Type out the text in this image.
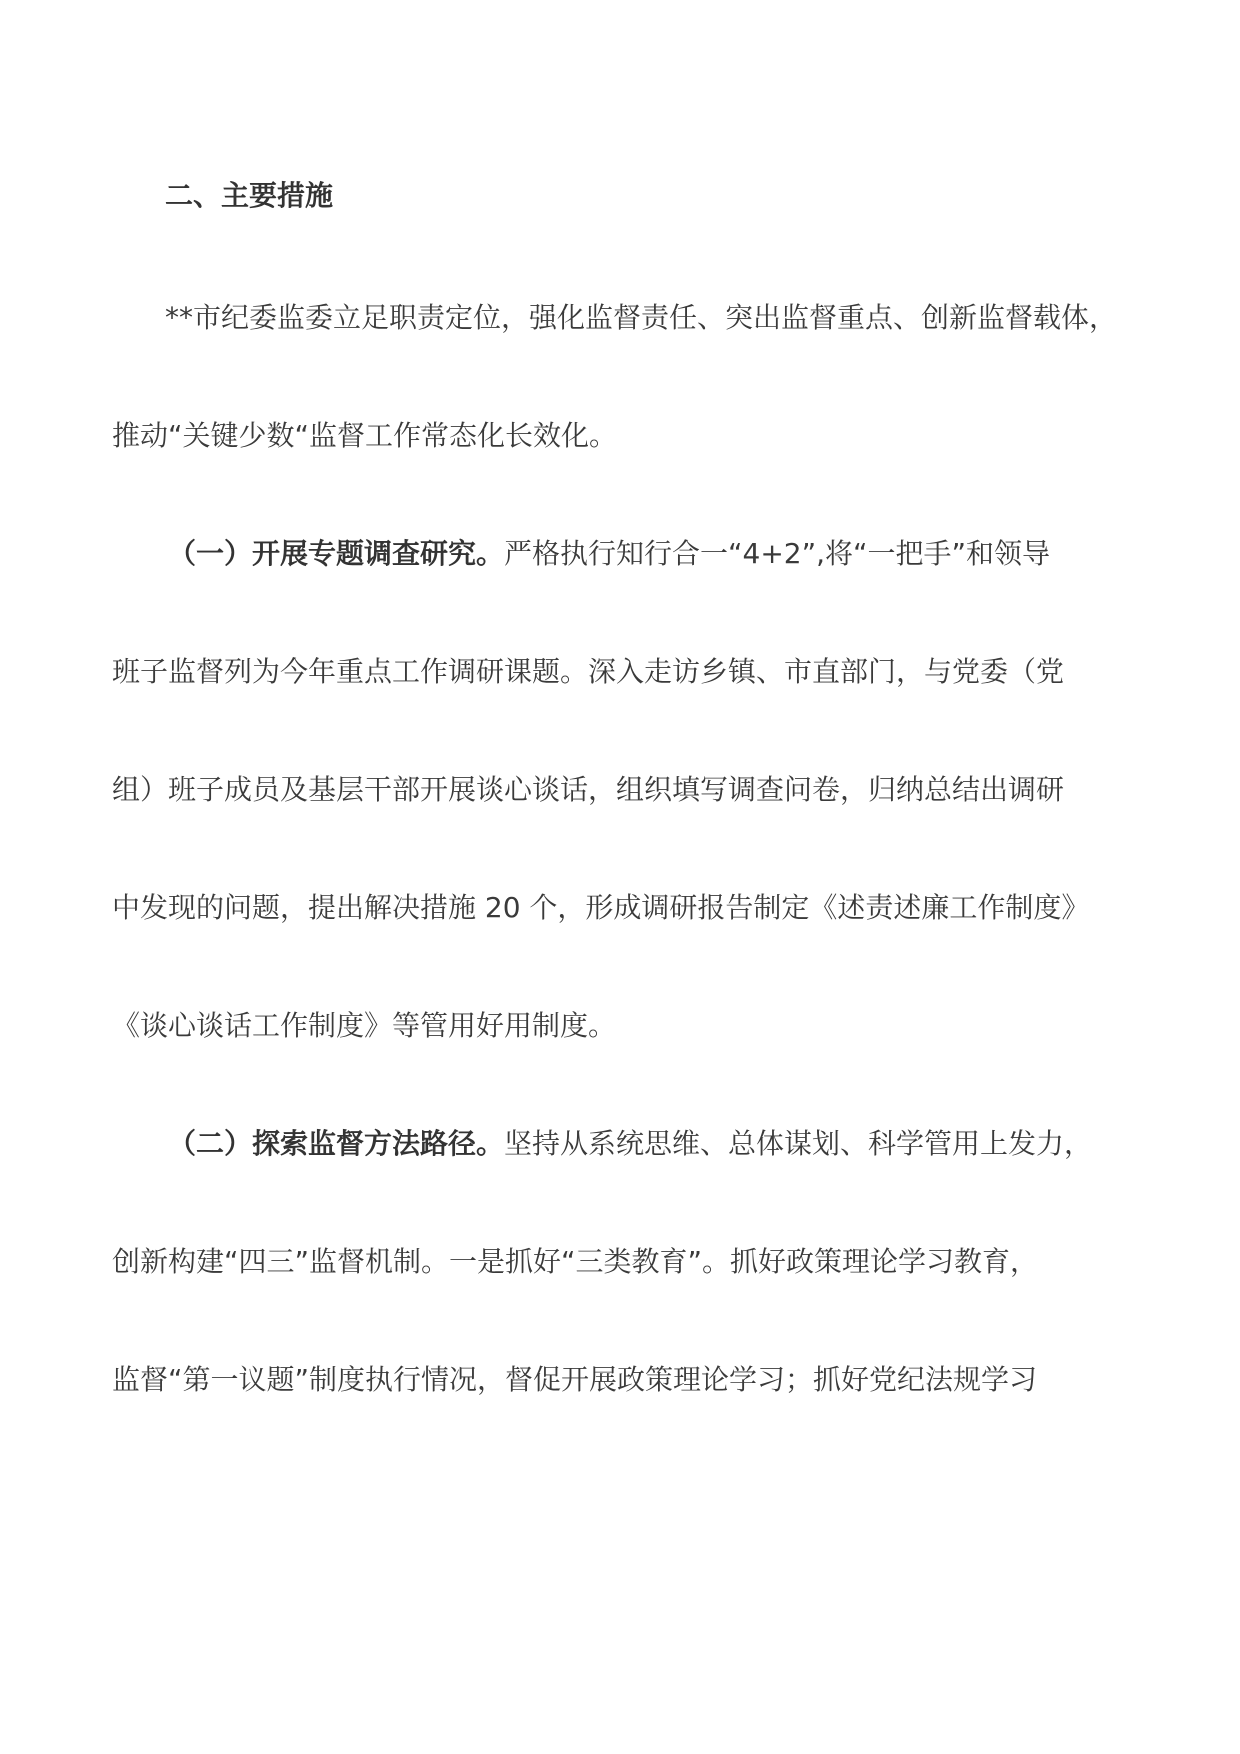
二、主要措施
**市纪委监委立足职责定位，强化监督责任、突出监督重点、创新监督载体，
推动“关键少数“监督工作常态化长效化。
（一）开展专题调查研究。严格执行知行合一“4+2”,将“一把手”和领导
班子监督列为今年重点工作调研课题。深入走访乡镇、市直部门，与党委（党
组）班子成员及基层干部开展谈心谈话，组织填写调查问卷，归纳总结出调研
中发现的问题，提出解决措施 20 个，形成调研报告制定《述责述廉工作制度》
《谈心谈话工作制度》等管用好用制度。
（二）探索监督方法路径。坚持从系统思维、总体谋划、科学管用上发力，
创新构建“四三”监督机制。一是抓好“三类教育”。抓好政策理论学习教育，
监督“第一议题”制度执行情况，督促开展政策理论学习；抓好党纪法规学习
